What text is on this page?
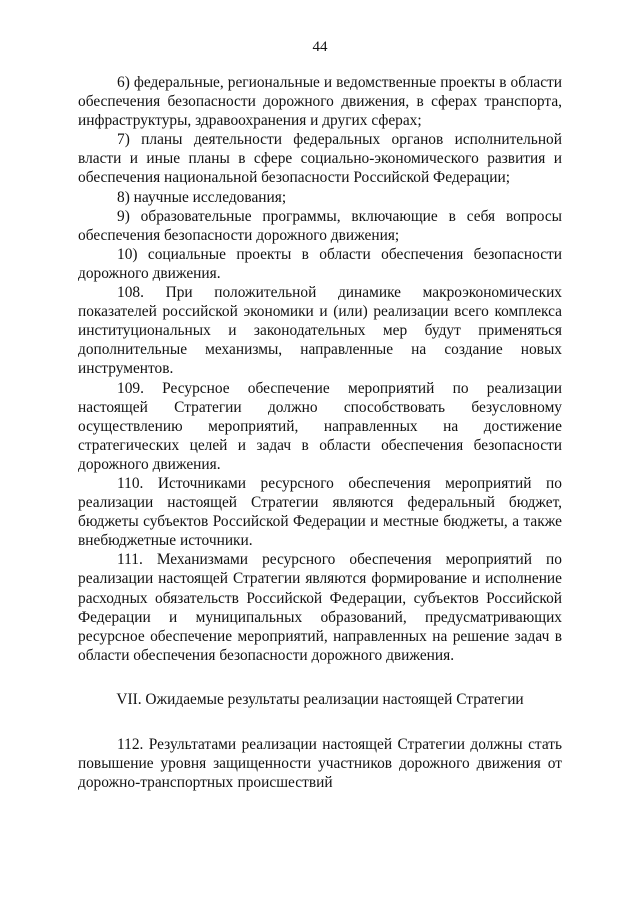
44

6) федеральные, региональные и ведомственные проекты в области обеспечения безопасности дорожного движения, в сферах транспорта, инфраструктуры, здравоохранения и других сферах;

7) планы деятельности федеральных органов исполнительной власти и иные планы в сфере социально-экономического развития и обеспечения национальной безопасности Российской Федерации;

8) научные исследования;

9) образовательные программы, включающие в себя вопросы обеспечения безопасности дорожного движения;

10) социальные проекты в области обеспечения безопасности дорожного движения.

108. При положительной динамике макроэкономических показателей российской экономики и (или) реализации всего комплекса институциональных и законодательных мер будут применяться дополнительные механизмы, направленные на создание новых инструментов.

109. Ресурсное обеспечение мероприятий по реализации настоящей Стратегии должно способствовать безусловному осуществлению мероприятий, направленных на достижение стратегических целей и задач в области обеспечения безопасности дорожного движения.

110. Источниками ресурсного обеспечения мероприятий по реализации настоящей Стратегии являются федеральный бюджет, бюджеты субъектов Российской Федерации и местные бюджеты, а также внебюджетные источники.

111. Механизмами ресурсного обеспечения мероприятий по реализации настоящей Стратегии являются формирование и исполнение расходных обязательств Российской Федерации, субъектов Российской Федерации и муниципальных образований, предусматривающих ресурсное обеспечение мероприятий, направленных на решение задач в области обеспечения безопасности дорожного движения.

VII. Ожидаемые результаты реализации настоящей Стратегии

112. Результатами реализации настоящей Стратегии должны стать повышение уровня защищенности участников дорожного движения от дорожно-транспортных происшествий
